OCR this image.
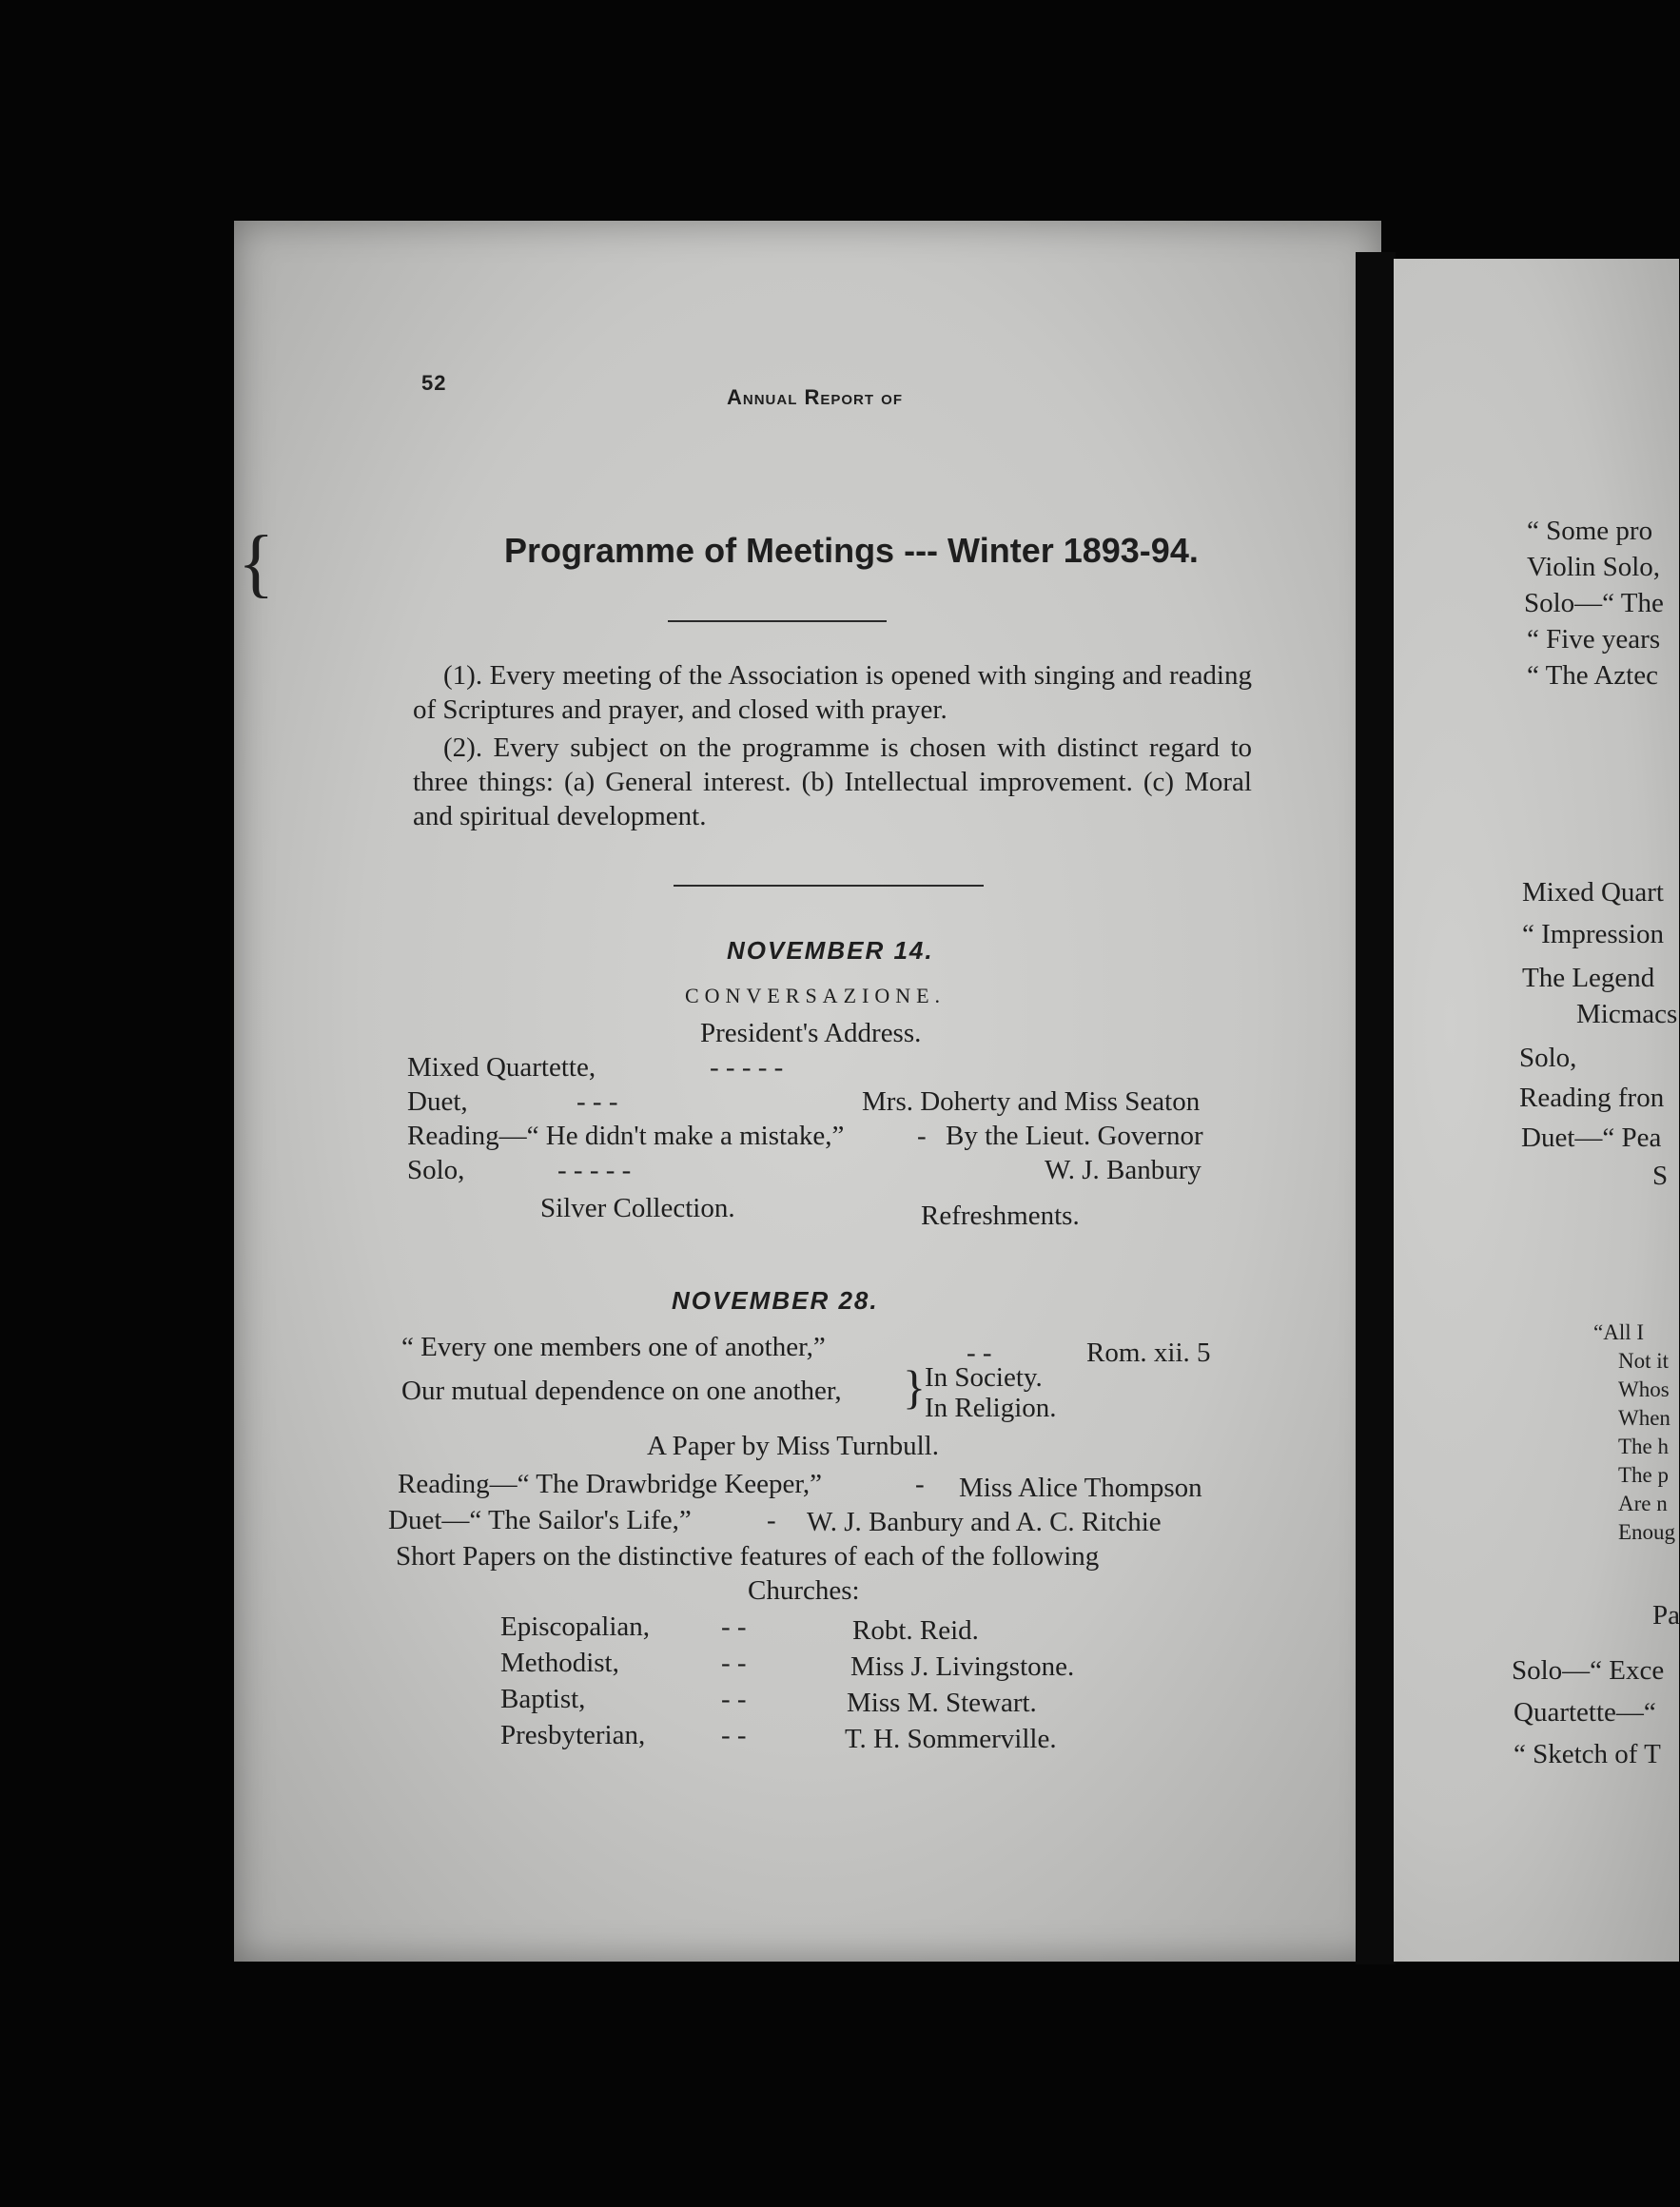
52
Annual Report of
Programme of Meetings --- Winter 1893-94.
(1). Every meeting of the Association is opened with singing and reading of Scriptures and prayer, and closed with prayer.
(2). Every subject on the programme is chosen with distinct regard to three things: (a) General interest. (b) Intellectual improvement. (c) Moral and spiritual development.
NOVEMBER 14.
CONVERSAZIONE.
President's Address.
Mixed Quartette,	- - - - -
Duet,	- - -	Mrs. Doherty and Miss Seaton
Reading—“ He didn't make a mistake,”	- By the Lieut. Governor
Solo,	- - - - -	W. J. Banbury
Silver Collection.	Refreshments.
NOVEMBER 28.
“ Every one members one of another,”	- -	Rom. xii. 5
Our mutual dependence on one another, } In Society.
In Religion.
A Paper by Miss Turnbull.
Reading—“ The Drawbridge Keeper,”	- Miss Alice Thompson
Duet—“ The Sailor's Life,”	- W. J. Banbury and A. C. Ritchie
Short Papers on the distinctive features of each of the following
Churches:
Episcopalian,	- -	Robt. Reid.
Methodist,	- -	Miss J. Livingstone.
Baptist,	- -	Miss M. Stewart.
Presbyterian,	- -	T. H. Sommerville.
{	“ Some pro
Violin Solo,
Solo—“ The
“ Five years
“ The Aztec
Mixed Quart
“ Impression
The Legend
Micmacs
Solo,
Reading fron
Duet—“ Pea
S
“All I
Not it
Whos
When
The h
The p
Are n
Enoug
Pa
Solo—“ Exce
Quartette—“
“ Sketch of T
